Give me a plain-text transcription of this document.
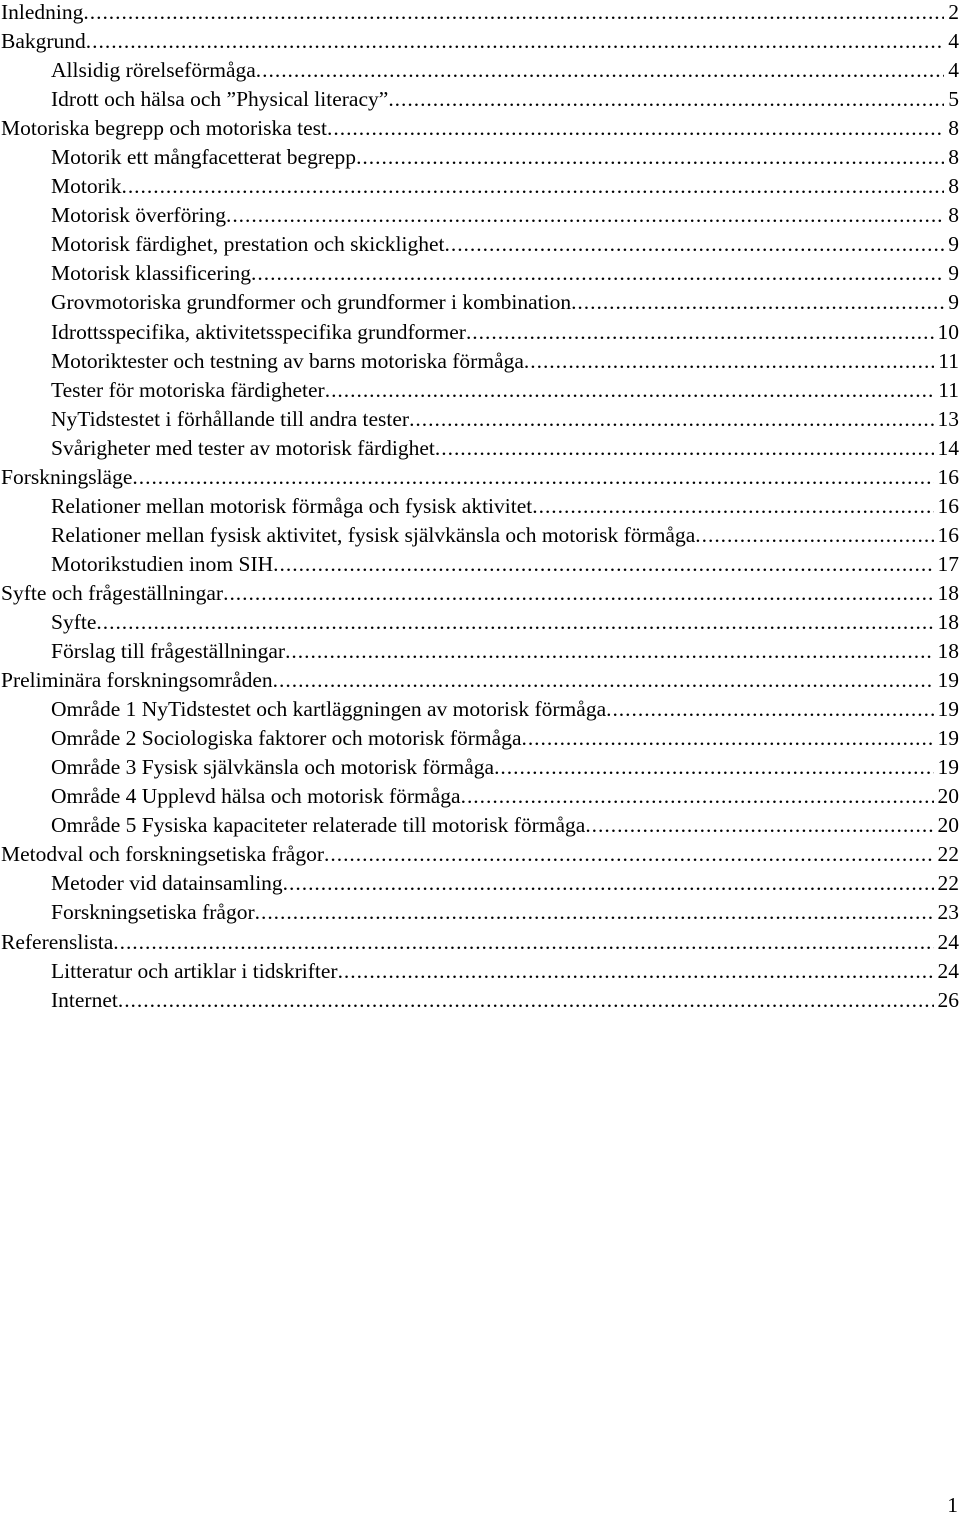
Inledning . . .	2
Bakgrund . . .	4
Allsidig rörelseförmåga . . .	4
Idrott och hälsa och ”Physical literacy” . . .	5
Motoriska begrepp och motoriska test . . .	8
Motorik ett mångfacetterat begrepp . . .	8
Motorik . . .	8
Motorisk överföring . . .	8
Motorisk färdighet, prestation och skicklighet . . .	9
Motorisk klassificering . . .	9
Grovmotoriska grundformer och grundformer i kombination . . .	9
Idrottsspecifika, aktivitetsspecifika grundformer . . .	10
Motoriktester och testning av barns motoriska förmåga . . .	11
Tester för motoriska färdigheter . . .	11
NyTidstestet i förhållande till andra tester . . .	13
Svårigheter med tester av motorisk färdighet . . .	14
Forskningsläge . . .	16
Relationer mellan motorisk förmåga och fysisk aktivitet . . .	16
Relationer mellan fysisk aktivitet, fysisk självkänsla och motorisk förmåga . . .	16
Motorikstudien inom SIH . . .	17
Syfte och frågeställningar . . .	18
Syfte . . .	18
Förslag till frågeställningar . . .	18
Preliminära forskningsområden . . .	19
Område 1 NyTidstestet och kartläggningen av motorisk förmåga . . .	19
Område 2 Sociologiska faktorer och motorisk förmåga . . .	19
Område 3 Fysisk självkänsla och motorisk förmåga . . .	19
Område 4 Upplevd hälsa och motorisk förmåga . . .	20
Område 5 Fysiska kapaciteter relaterade till motorisk förmåga . . .	20
Metodval och forskningsetiska frågor . . .	22
Metoder vid datainsamling . . .	22
Forskningsetiska frågor . . .	23
Referenslista . . .	24
Litteratur och artiklar i tidskrifter . . .	24
Internet . . .	26
1
